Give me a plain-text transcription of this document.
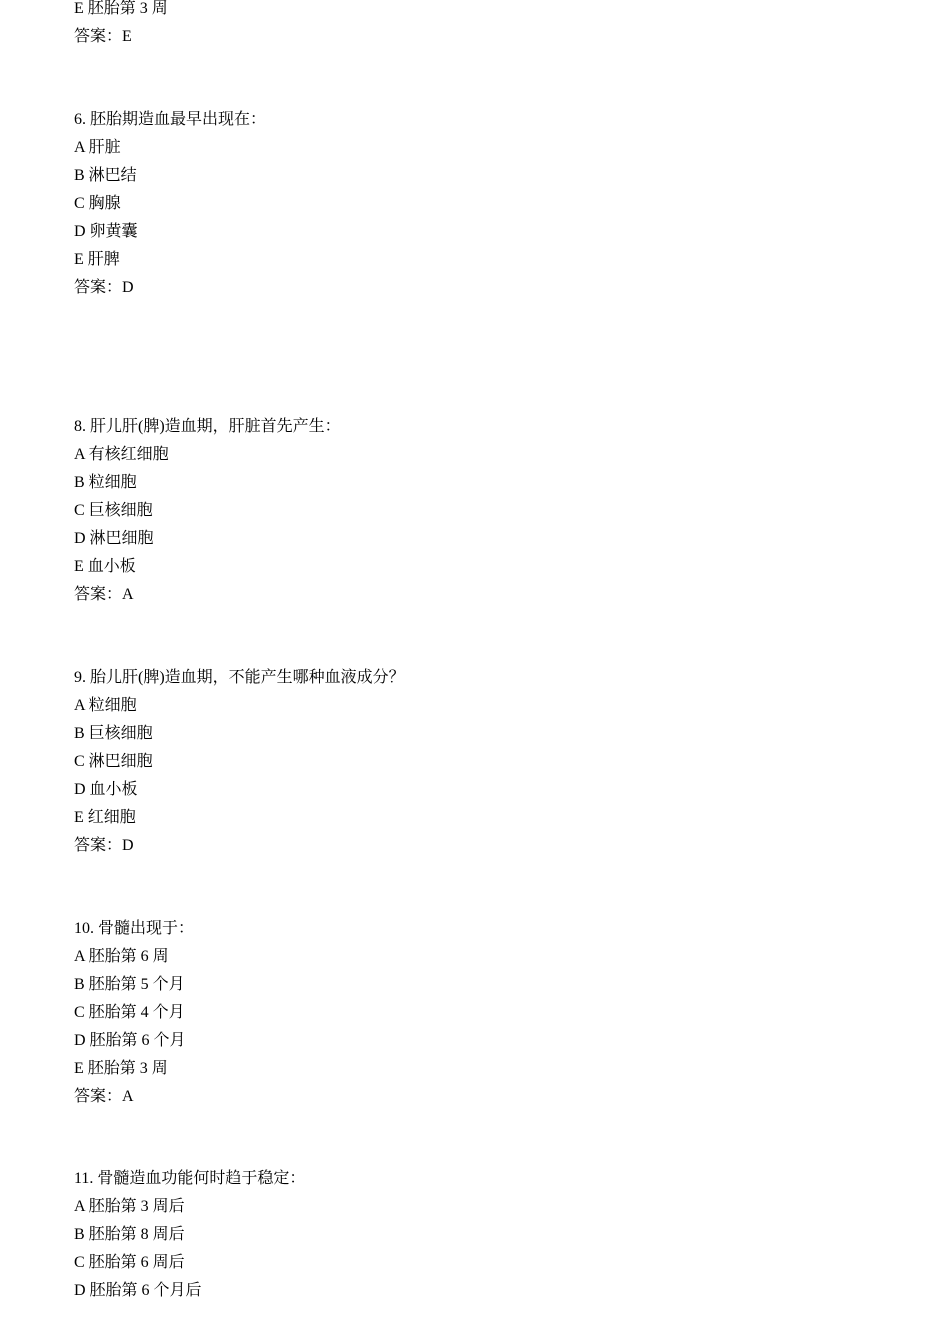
E 胚胎第 3 周
答案：E
6. 胚胎期造血最早出现在：
A 肝脏
B 淋巴结
C 胸腺
D 卵黄囊
E 肝脾
答案：D
8. 肝儿肝(脾)造血期，肝脏首先产生：
A 有核红细胞
B 粒细胞
C 巨核细胞
D 淋巴细胞
E 血小板
答案：A
9. 胎儿肝(脾)造血期，不能产生哪种血液成分？
A 粒细胞
B 巨核细胞
C 淋巴细胞
D 血小板
E 红细胞
答案：D
10. 骨髓出现于：
A 胚胎第 6 周
B 胚胎第 5 个月
C 胚胎第 4 个月
D 胚胎第 6 个月
E 胚胎第 3 周
答案：A
11. 骨髓造血功能何时趋于稳定：
A 胚胎第 3 周后
B 胚胎第 8 周后
C 胚胎第 6 周后
D 胚胎第 6 个月后
